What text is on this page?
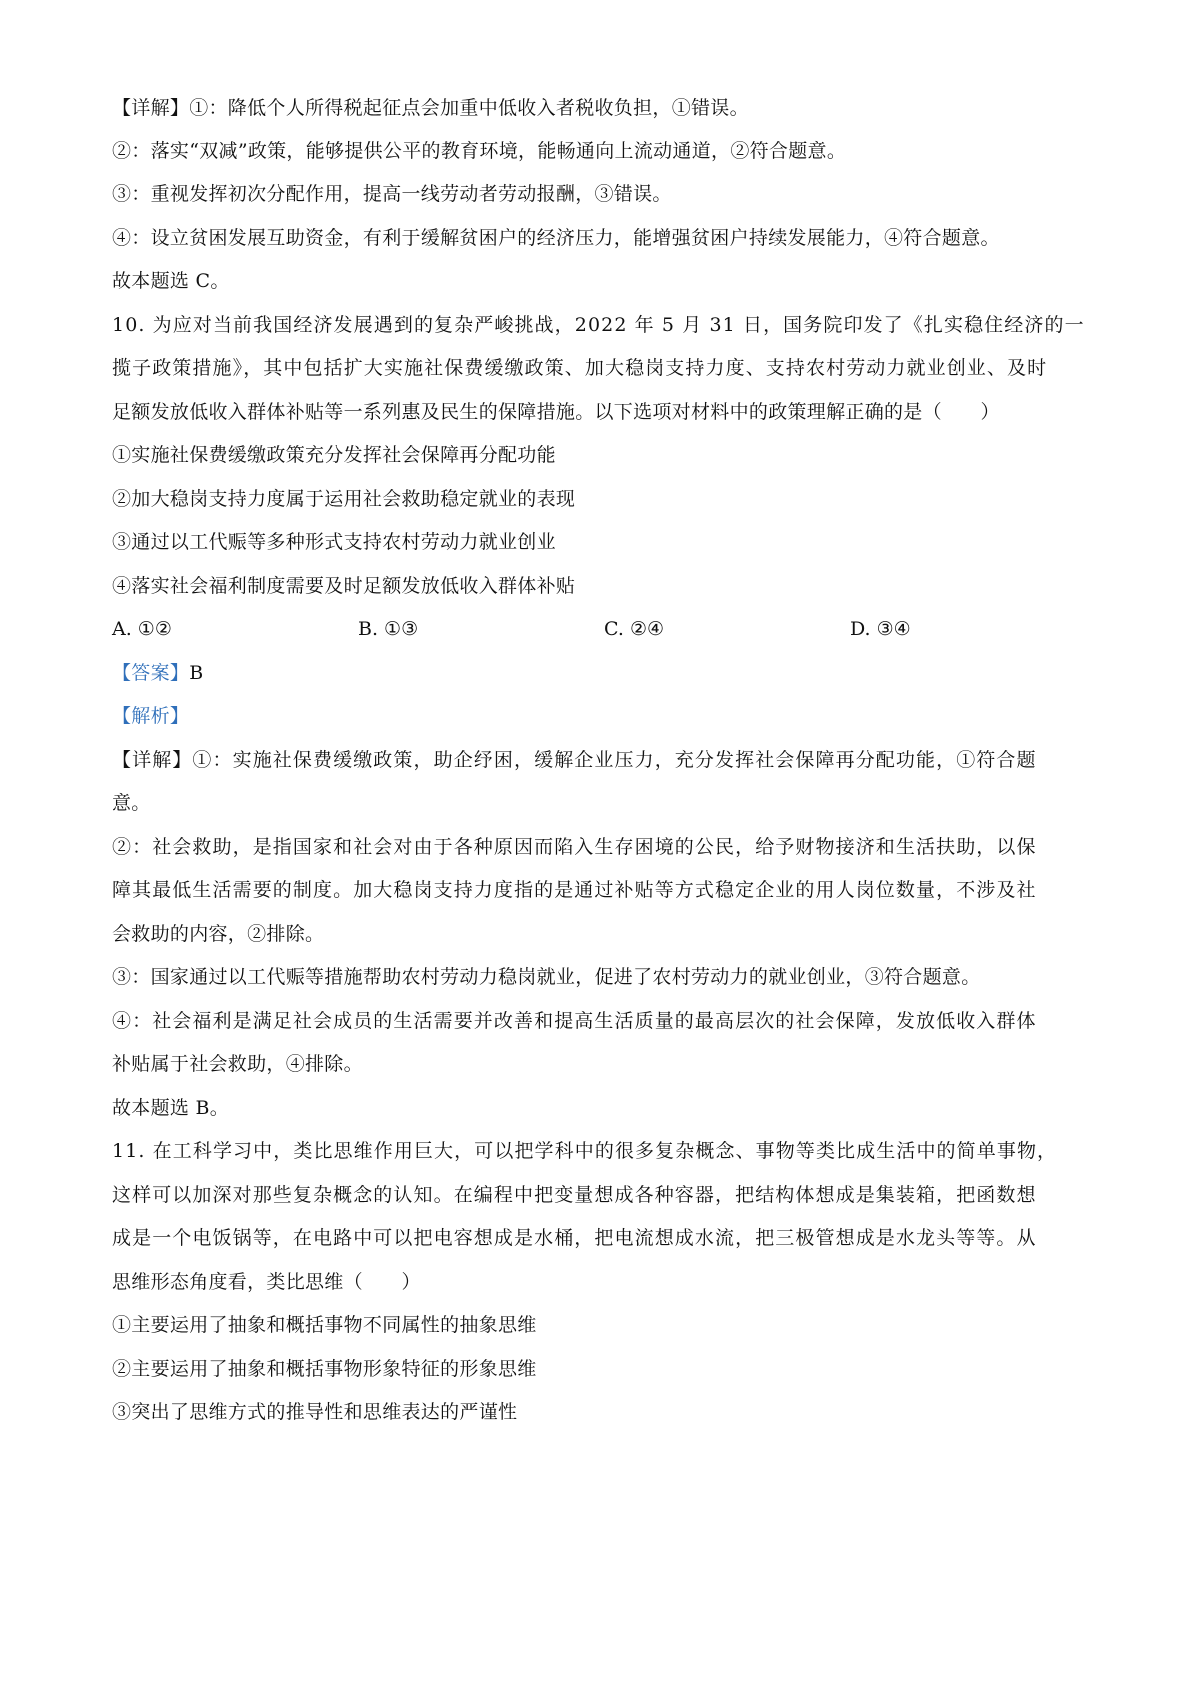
【详解】①：降低个人所得税起征点会加重中低收入者税收负担，①错误。
②：落实“双减”政策，能够提供公平的教育环境，能畅通向上流动通道，②符合题意。
③：重视发挥初次分配作用，提高一线劳动者劳动报酬，③错误。
④：设立贫困发展互助资金，有利于缓解贫困户的经济压力，能增强贫困户持续发展能力，④符合题意。
故本题选 C。
10. 为应对当前我国经济发展遇到的复杂严峻挑战，2022 年 5 月 31 日，国务院印发了《扎实稳住经济的一
揽子政策措施》，其中包括扩大实施社保费缓缴政策、加大稳岗支持力度、支持农村劳动力就业创业、及时
足额发放低收入群体补贴等一系列惠及民生的保障措施。以下选项对材料中的政策理解正确的是（　　）
①实施社保费缓缴政策充分发挥社会保障再分配功能
②加大稳岗支持力度属于运用社会救助稳定就业的表现
③通过以工代赈等多种形式支持农村劳动力就业创业
④落实社会福利制度需要及时足额发放低收入群体补贴
A. ①②	B. ①③	C. ②④	D. ③④
【答案】B
【解析】
【详解】①：实施社保费缓缴政策，助企纾困，缓解企业压力，充分发挥社会保障再分配功能，①符合题
意。
②：社会救助，是指国家和社会对由于各种原因而陷入生存困境的公民，给予财物接济和生活扶助，以保
障其最低生活需要的制度。加大稳岗支持力度指的是通过补贴等方式稳定企业的用人岗位数量，不涉及社
会救助的内容，②排除。
③：国家通过以工代赈等措施帮助农村劳动力稳岗就业，促进了农村劳动力的就业创业，③符合题意。
④：社会福利是满足社会成员的生活需要并改善和提高生活质量的最高层次的社会保障，发放低收入群体
补贴属于社会救助，④排除。
故本题选 B。
11. 在工科学习中，类比思维作用巨大，可以把学科中的很多复杂概念、事物等类比成生活中的简单事物，
这样可以加深对那些复杂概念的认知。在编程中把变量想成各种容器，把结构体想成是集装箱，把函数想
成是一个电饭锅等，在电路中可以把电容想成是水桶，把电流想成水流，把三极管想成是水龙头等等。从
思维形态角度看，类比思维（　　）
①主要运用了抽象和概括事物不同属性的抽象思维
②主要运用了抽象和概括事物形象特征的形象思维
③突出了思维方式的推导性和思维表达的严谨性
